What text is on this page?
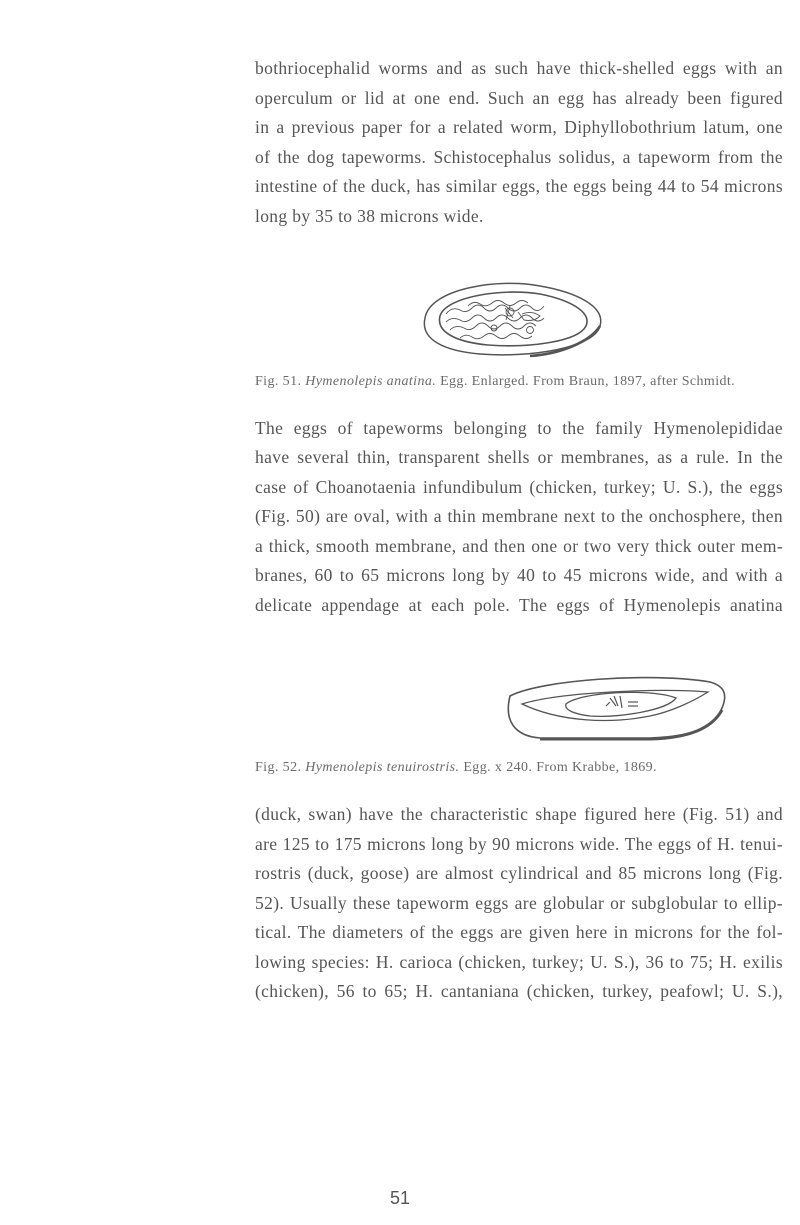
bothriocephalid worms and as such have thick-shelled eggs with an
operculum or lid at one end. Such an egg has already been figured
in a previous paper for a related worm, Diphyllobothrium latum, one
of the dog tapeworms. Schistocephalus solidus, a tapeworm from the
intestine of the duck, has similar eggs, the eggs being 44 to 54 microns
long by 35 to 38 microns wide.
Fig. 51. Hymenolepis anatina. Egg. Enlarged. From Braun, 1897, after Schmidt.
The eggs of tapeworms belonging to the family Hymenolepididae
have several thin, transparent shells or membranes, as a rule. In the
case of Choanotaenia infundibulum (chicken, turkey; U. S.), the eggs
(Fig. 50) are oval, with a thin membrane next to the onchosphere, then
a thick, smooth membrane, and then one or two very thick outer mem-
branes, 60 to 65 microns long by 40 to 45 microns wide, and with a
delicate appendage at each pole. The eggs of Hymenolepis anatina
Fig. 52. Hymenolepis tenuirostris. Egg. x 240. From Krabbe, 1869.
(duck, swan) have the characteristic shape figured here (Fig. 51) and
are 125 to 175 microns long by 90 microns wide. The eggs of H. tenui-
rostris (duck, goose) are almost cylindrical and 85 microns long (Fig.
52). Usually these tapeworm eggs are globular or subglobular to ellip-
tical. The diameters of the eggs are given here in microns for the fol-
lowing species: H. carioca (chicken, turkey; U. S.), 36 to 75; H. exilis
(chicken), 56 to 65; H. cantaniana (chicken, turkey, peafowl; U. S.),
51
